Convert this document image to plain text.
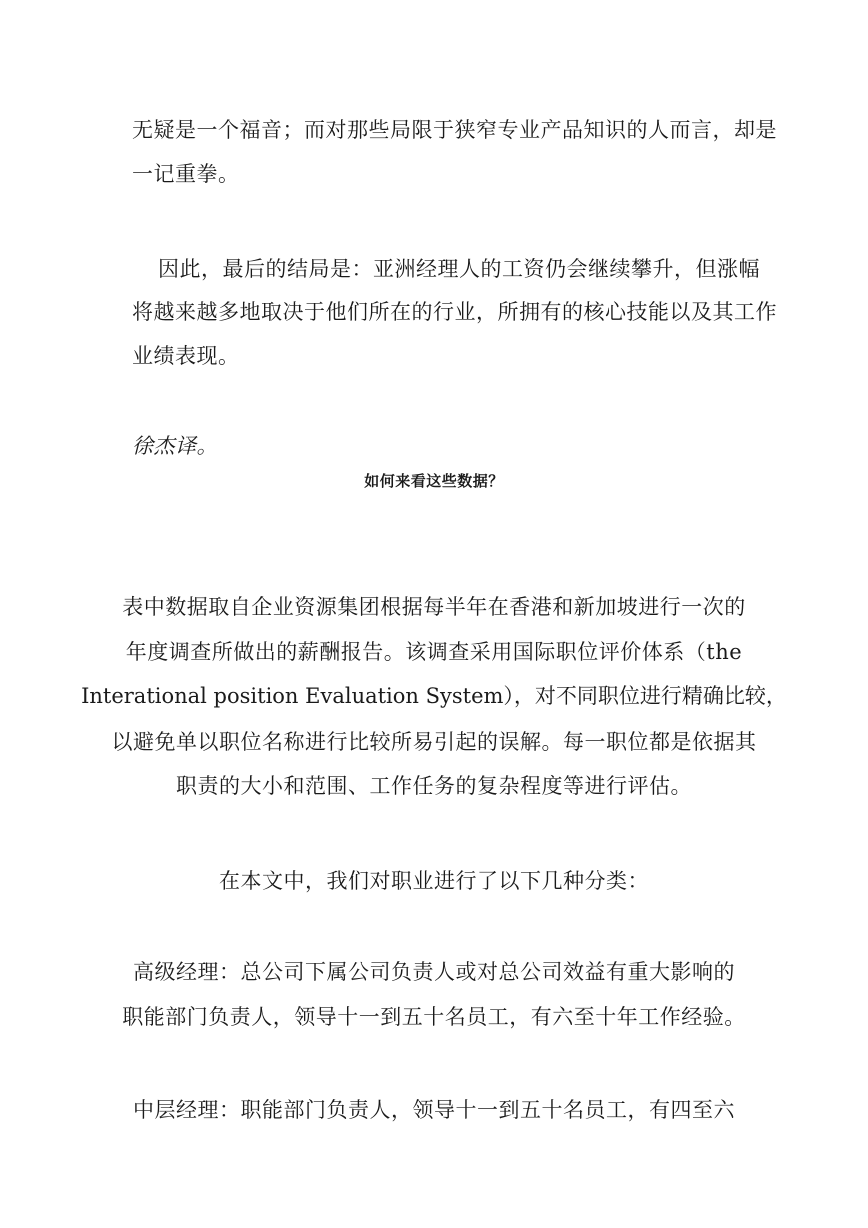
无疑是一个福音；而对那些局限于狭窄专业产品知识的人而言，却是
一记重拳。
因此，最后的结局是：亚洲经理人的工资仍会继续攀升，但涨幅
将越来越多地取决于他们所在的行业，所拥有的核心技能以及其工作
业绩表现。
徐杰译。
如何来看这些数据？
表中数据取自企业资源集团根据每半年在香港和新加坡进行一次的
年度调查所做出的薪酬报告。该调查采用国际职位评价体系（the
Interational position Evaluation System），对不同职位进行精确比较，
以避免单以职位名称进行比较所易引起的误解。每一职位都是依据其
职责的大小和范围、工作任务的复杂程度等进行评估。
在本文中，我们对职业进行了以下几种分类：
高级经理：总公司下属公司负责人或对总公司效益有重大影响的
职能部门负责人，领导十一到五十名员工，有六至十年工作经验。
中层经理：职能部门负责人，领导十一到五十名员工，有四至六
